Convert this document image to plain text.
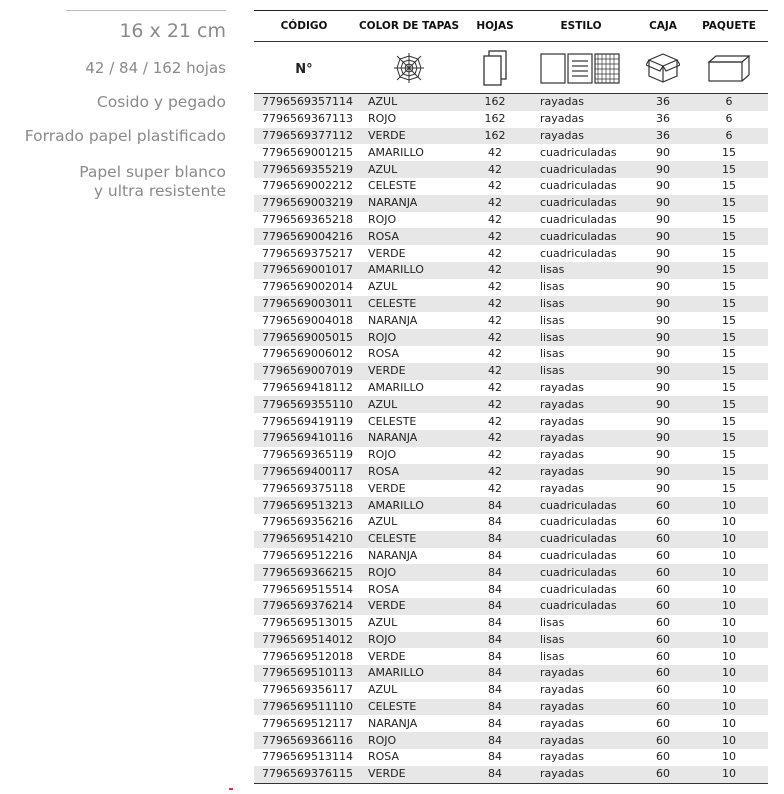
16 x 21 cm
42 / 84 / 162 hojas
Cosido y pegado
Forrado papel plastificado
Papel super blanco
y ultra resistente
CÓDIGO	COLOR DE TAPAS	HOJAS	ESTILO	CAJA	PAQUETE
N°	

7796569357114	AZUL	162	rayadas	36	6
7796569367113	ROJO	162	rayadas	36	6
7796569377112	VERDE	162	rayadas	36	6
7796569001215	AMARILLO	42	cuadriculadas	90	15
7796569355219	AZUL	42	cuadriculadas	90	15
7796569002212	CELESTE	42	cuadriculadas	90	15
7796569003219	NARANJA	42	cuadriculadas	90	15
7796569365218	ROJO	42	cuadriculadas	90	15
7796569004216	ROSA	42	cuadriculadas	90	15
7796569375217	VERDE	42	cuadriculadas	90	15
7796569001017	AMARILLO	42	lisas	90	15
7796569002014	AZUL	42	lisas	90	15
7796569003011	CELESTE	42	lisas	90	15
7796569004018	NARANJA	42	lisas	90	15
7796569005015	ROJO	42	lisas	90	15
7796569006012	ROSA	42	lisas	90	15
7796569007019	VERDE	42	lisas	90	15
7796569418112	AMARILLO	42	rayadas	90	15
7796569355110	AZUL	42	rayadas	90	15
7796569419119	CELESTE	42	rayadas	90	15
7796569410116	NARANJA	42	rayadas	90	15
7796569365119	ROJO	42	rayadas	90	15
7796569400117	ROSA	42	rayadas	90	15
7796569375118	VERDE	42	rayadas	90	15
7796569513213	AMARILLO	84	cuadriculadas	60	10
7796569356216	AZUL	84	cuadriculadas	60	10
7796569514210	CELESTE	84	cuadriculadas	60	10
7796569512216	NARANJA	84	cuadriculadas	60	10
7796569366215	ROJO	84	cuadriculadas	60	10
7796569515514	ROSA	84	cuadriculadas	60	10
7796569376214	VERDE	84	cuadriculadas	60	10
7796569513015	AZUL	84	lisas	60	10
7796569514012	ROJO	84	lisas	60	10
7796569512018	VERDE	84	lisas	60	10
7796569510113	AMARILLO	84	rayadas	60	10
7796569356117	AZUL	84	rayadas	60	10
7796569511110	CELESTE	84	rayadas	60	10
7796569512117	NARANJA	84	rayadas	60	10
7796569366116	ROJO	84	rayadas	60	10
7796569513114	ROSA	84	rayadas	60	10
7796569376115	VERDE	84	rayadas	60	10
